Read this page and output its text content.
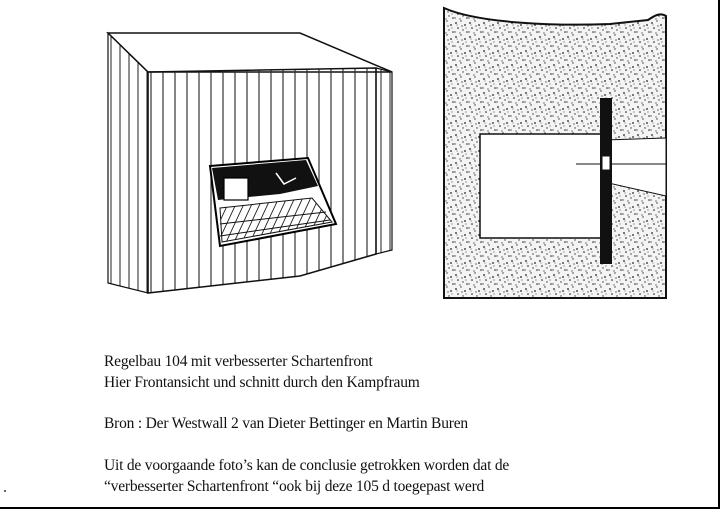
Regelbau 104 mit verbesserter Schartenfront
Hier Frontansicht und schnitt durch den Kampfraum
Bron : Der Westwall 2 van Dieter Bettinger en Martin Buren
Uit de voorgaande foto’s kan de conclusie getrokken worden dat de
“verbesserter Schartenfront “ook bij deze 105 d toegepast werd
